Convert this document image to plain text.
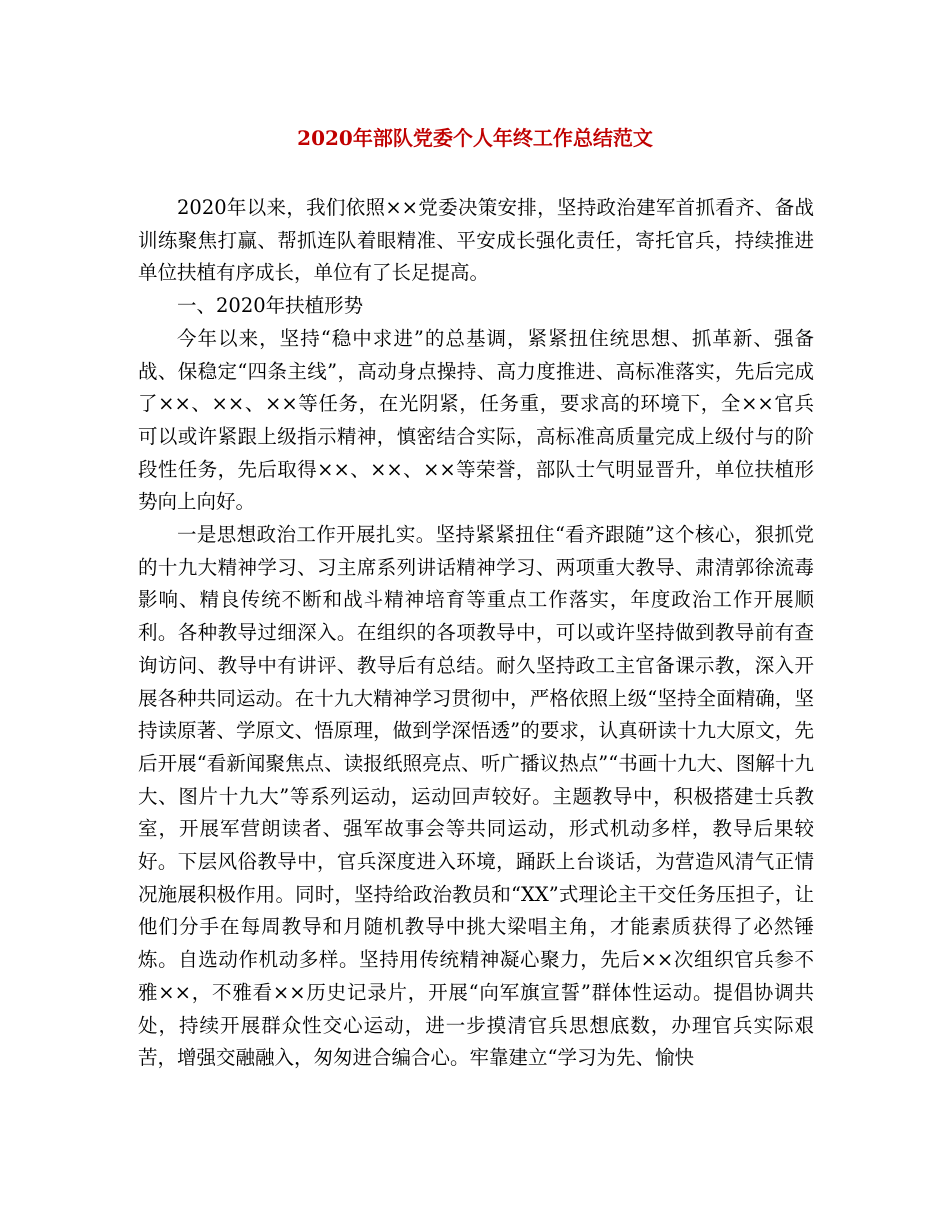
2020年部队党委个人年终工作总结范文

2020年以来，我们依照××党委决策安排，坚持政治建军首抓看齐、备战训练聚焦打赢、帮抓连队着眼精准、平安成长强化责任，寄托官兵，持续推进单位扶植有序成长，单位有了长足提高。

一、2020年扶植形势

今年以来，坚持“稳中求进”的总基调，紧紧扭住统思想、抓革新、强备战、保稳定“四条主线”，高动身点操持、高力度推进、高标准落实，先后完成了××、××、××等任务，在光阴紧，任务重，要求高的环境下，全××官兵可以或许紧跟上级指示精神，慎密结合实际，高标准高质量完成上级付与的阶段性任务，先后取得××、××、××等荣誉，部队士气明显晋升，单位扶植形势向上向好。

一是思想政治工作开展扎实。坚持紧紧扭住“看齐跟随”这个核心，狠抓党的十九大精神学习、习主席系列讲话精神学习、两项重大教导、肃清郭徐流毒影响、精良传统不断和战斗精神培育等重点工作落实，年度政治工作开展顺利。各种教导过细深入。在组织的各项教导中，可以或许坚持做到教导前有查询访问、教导中有讲评、教导后有总结。耐久坚持政工主官备课示教，深入开展各种共同运动。在十九大精神学习贯彻中，严格依照上级“坚持全面精确，坚持读原著、学原文、悟原理，做到学深悟透”的要求，认真研读十九大原文，先后开展“看新闻聚焦点、读报纸照亮点、听广播议热点”“书画十九大、图解十九大、图片十九大”等系列运动，运动回声较好。主题教导中，积极搭建士兵教室，开展军营朗读者、强军故事会等共同运动，形式机动多样，教导后果较好。下层风俗教导中，官兵深度进入环境，踊跃上台谈话，为营造风清气正情况施展积极作用。同时，坚持给政治教员和“XX”式理论主干交任务压担子，让他们分手在每周教导和月随机教导中挑大梁唱主角，才能素质获得了必然锤炼。自选动作机动多样。坚持用传统精神凝心聚力，先后××次组织官兵参不雅××，不雅看××历史记录片，开展“向军旗宣誓”群体性运动。提倡协调共处，持续开展群众性交心运动，进一步摸清官兵思想底数，办理官兵实际艰苦，增强交融融入，匆匆进合编合心。牢靠建立“学习为先、愉快
